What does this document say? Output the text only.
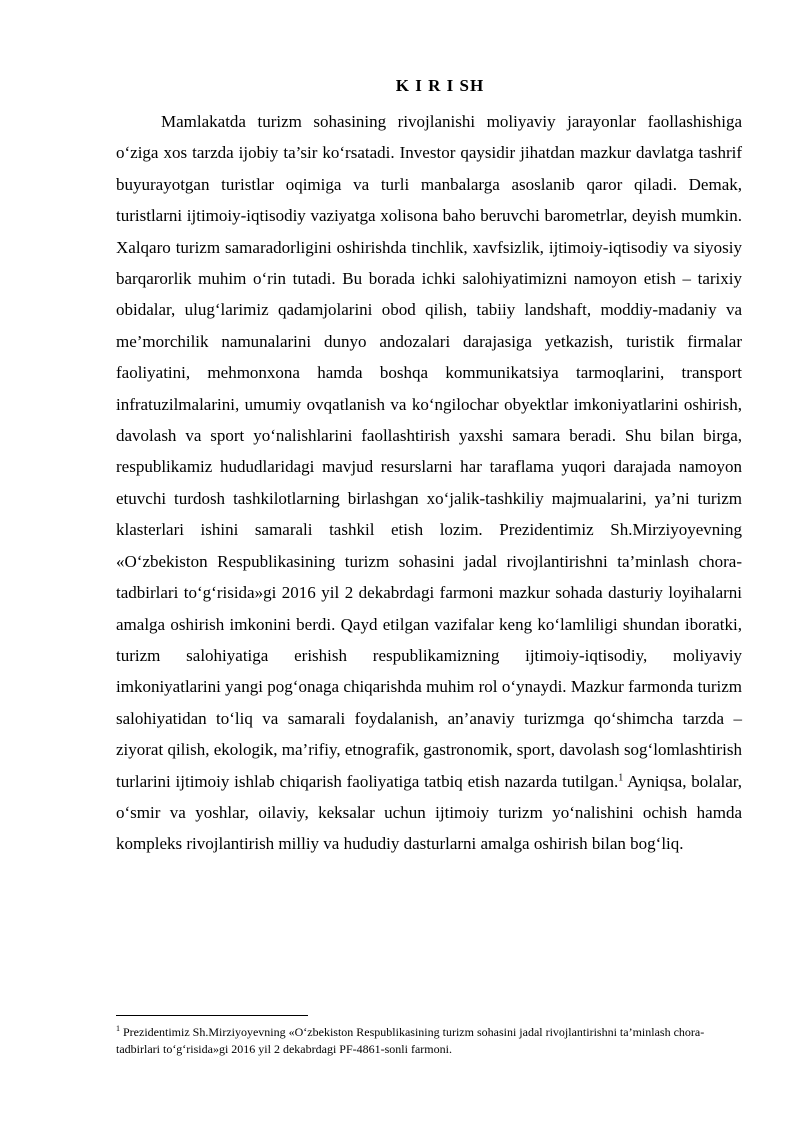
K I R I SH

Mamlakatda turizm sohasining rivojlanishi moliyaviy jarayonlar faollashishiga o‘ziga xos tarzda ijobiy ta’sir ko‘rsatadi. Investor qaysidir jihatdan mazkur davlatga tashrif buyurayotgan turistlar oqimiga va turli manbalarga asoslanib qaror qiladi. Demak, turistlarni ijtimoiy-iqtisodiy vaziyatga xolisona baho beruvchi barometrlar, deyish mumkin. Xalqaro turizm samaradorligini oshirishda tinchlik, xavfsizlik, ijtimoiy-iqtisodiy va siyosiy barqarorlik muhim o‘rin tutadi. Bu borada ichki salohiyatimizni namoyon etish – tarixiy obidalar, ulug‘larimiz qadamjolarini obod qilish, tabiiy landshaft, moddiy-madaniy va me’morchilik namunalarini dunyo andozalari darajasiga yetkazish, turistik firmalar faoliyatini, mehmonxona hamda boshqa kommunikatsiya tarmoqlarini, transport infratuzilmalarini, umumiy ovqatlanish va ko‘ngilochar obyektlar imkoniyatlarini oshirish, davolash va sport yo‘nalishlarini faollashtirish yaxshi samara beradi. Shu bilan birga, respublikamiz hududlaridagi mavjud resurslarni har taraflama yuqori darajada namoyon etuvchi turdosh tashkilotlarning birlashgan xo‘jalik-tashkiliy majmualarini, ya’ni turizm klasterlari ishini samarali tashkil etish lozim. Prezidentimiz Sh.Mirziyoyevning «O‘zbekiston Respublikasining turizm sohasini jadal rivojlantirishni ta’minlash chora-tadbirlari to‘g‘risida»gi 2016 yil 2 dekabrdagi farmoni mazkur sohada dasturiy loyihalarni amalga oshirish imkonini berdi. Qayd etilgan vazifalar keng ko‘lamliligi shundan iboratki, turizm salohiyatiga erishish respublikamizning ijtimoiy-iqtisodiy, moliyaviy imkoniyatlarini yangi pog‘onaga chiqarishda muhim rol o‘ynaydi. Mazkur farmonda turizm salohiyatidan to‘liq va samarali foydalanish, an’anaviy turizmga qo‘shimcha tarzda – ziyorat qilish, ekologik, ma’rifiy, etnografik, gastronomik, sport, davolash sog‘lomlashtirish turlarini ijtimoiy ishlab chiqarish faoliyatiga tatbiq etish nazarda tutilgan.$^1$ Ayniqsa, bolalar, o‘smir va yoshlar, oilaviy, keksalar uchun ijtimoiy turizm yo‘nalishini ochish hamda kompleks rivojlantirish milliy va hududiy dasturlarni amalga oshirish bilan bog‘liq.

$^1$ Prezidentimiz Sh.Mirziyoyevning «O‘zbekiston Respublikasining turizm sohasini jadal rivojlantirishni ta’minlash chora-tadbirlari to‘g‘risida»gi 2016 yil 2 dekabrdagi PF-4861-sonli farmoni.
